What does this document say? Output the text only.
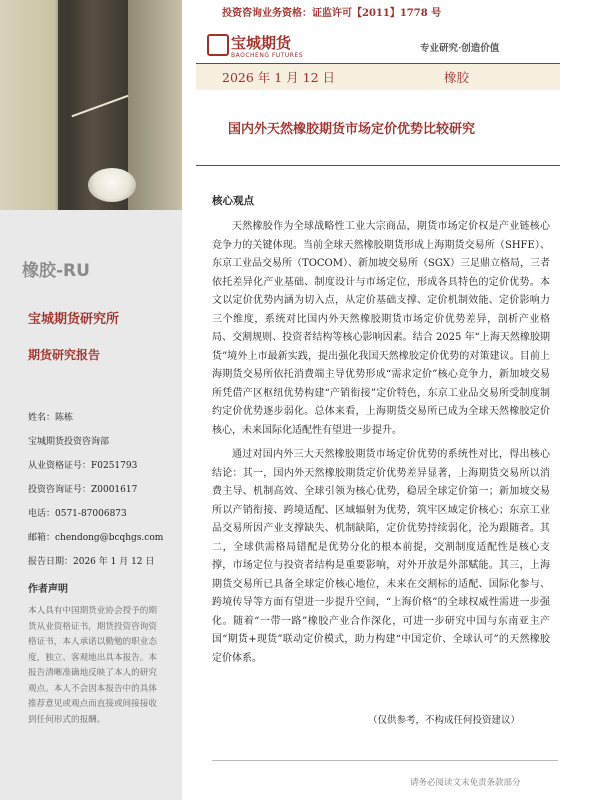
橡胶-RU
宝城期货研究所
期货研究报告
姓名：陈栋
宝城期货投资咨询部
从业资格证号：F0251793
投资咨询证号：Z0001617
电话：0571-87006873
邮箱：chendong@bcqhgs.com
报告日期：2026 年 1 月 12 日
作者声明
本人具有中国期货业协会授予的期货从业资格证书，期货投资咨询资格证书，本人承诺以勤勉的职业态度，独立、客观地出具本报告。本报告清晰准确地反映了本人的研究观点。本人不会因本报告中的具体推荐意见或观点而直接或间接接收到任何形式的报酬。
投资咨询业务资格：证监许可【2011】1778 号
宝城期货
BAOCHENG FUTURES
专业研究·创造价值
2026 年 1 月 12 日	橡胶
国内外天然橡胶期货市场定价优势比较研究
核心观点

天然橡胶作为全球战略性工业大宗商品，期货市场定价权是产业链核心竞争力的关键体现。当前全球天然橡胶期货形成上海期货交易所（SHFE）、东京工业品交易所（TOCOM）、新加坡交易所（SGX）三足鼎立格局，三者依托差异化产业基础、制度设计与市场定位，形成各具特色的定价优势。本文以定价优势内涵为切入点，从定价基础支撑、定价机制效能、定价影响力三个维度，系统对比国内外天然橡胶期货市场定价优势差异，剖析产业格局、交割规则、投资者结构等核心影响因素。结合 2025 年“上海天然橡胶期货”境外上市最新实践，提出强化我国天然橡胶定价优势的对策建议。目前上海期货交易所依托消费端主导优势形成“需求定价”核心竞争力，新加坡交易所凭借产区枢纽优势构建“产销衔接”定价特色，东京工业品交易所受制度制约定价优势逐步弱化。总体来看，上海期货交易所已成为全球天然橡胶定价核心，未来国际化适配性有望进一步提升。

通过对国内外三大天然橡胶期货市场定价优势的系统性对比，得出核心结论：其一，国内外天然橡胶期货定价优势差异显著，上海期货交易所以消费主导、机制高效、全球引领为核心优势，稳居全球定价第一；新加坡交易所以产销衔接、跨境适配、区域辐射为优势，筑牢区域定价核心；东京工业品交易所因产业支撑缺失、机制缺陷，定价优势持续弱化，沦为跟随者。其二，全球供需格局错配是优势分化的根本前提，交割制度适配性是核心支撑，市场定位与投资者结构是重要影响，对外开放是外部赋能。其三，上海期货交易所已具备全球定价核心地位，未来在交割标的适配、国际化参与、跨境传导等方面有望进一步提升空间，“上海价格”的全球权威性需进一步强化。随着“一带一路”橡胶产业合作深化，可进一步研究中国与东南亚主产国“期货+现货”联动定价模式，助力构建“中国定价、全球认可”的天然橡胶定价体系。

（仅供参考，不构成任何投资建议）
请务必阅读文末免责条款部分
